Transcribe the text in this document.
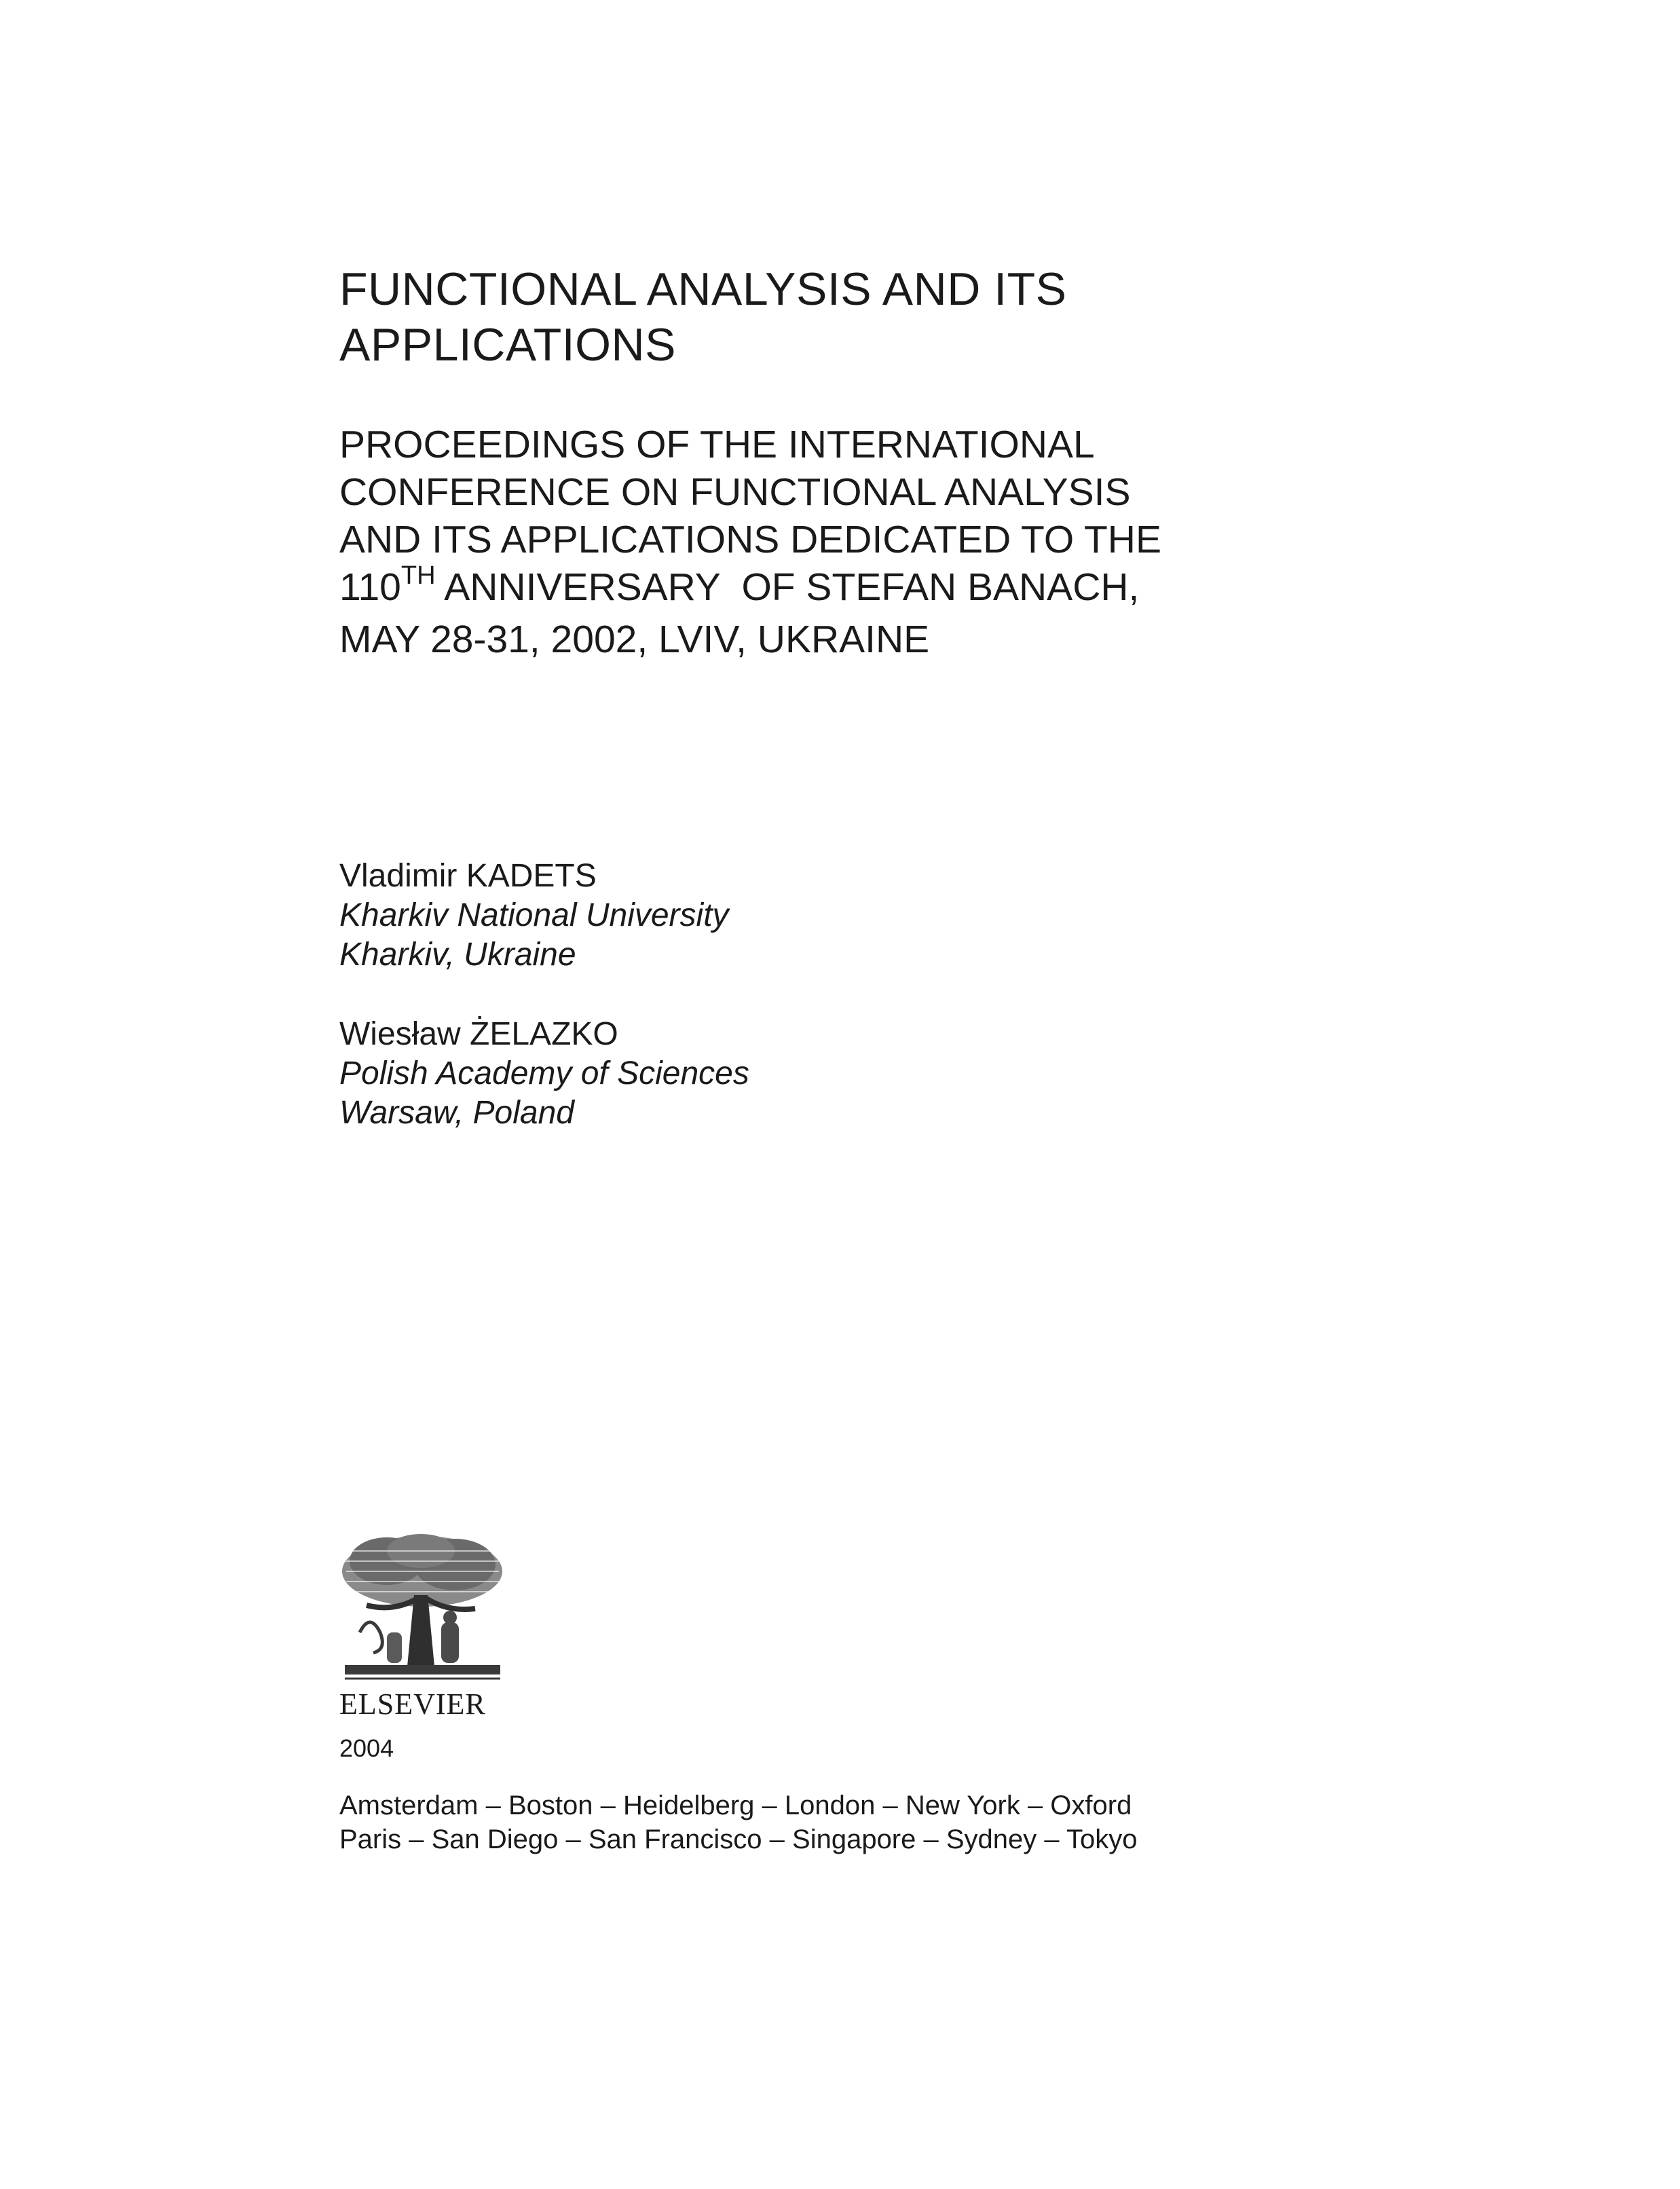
FUNCTIONAL ANALYSIS AND ITS
APPLICATIONS
PROCEEDINGS OF THE INTERNATIONAL
CONFERENCE ON FUNCTIONAL ANALYSIS
AND ITS APPLICATIONS DEDICATED TO THE
110TH ANNIVERSARY  OF STEFAN BANACH,
MAY 28-31, 2002, LVIV, UKRAINE
Vladimir KADETS
Kharkiv National University
Kharkiv, Ukraine
Wiesław ŻELAZKO
Polish Academy of Sciences
Warsaw, Poland
ELSEVIER
2004
Amsterdam – Boston – Heidelberg – London – New York – Oxford
Paris – San Diego – San Francisco – Singapore – Sydney – Tokyo
